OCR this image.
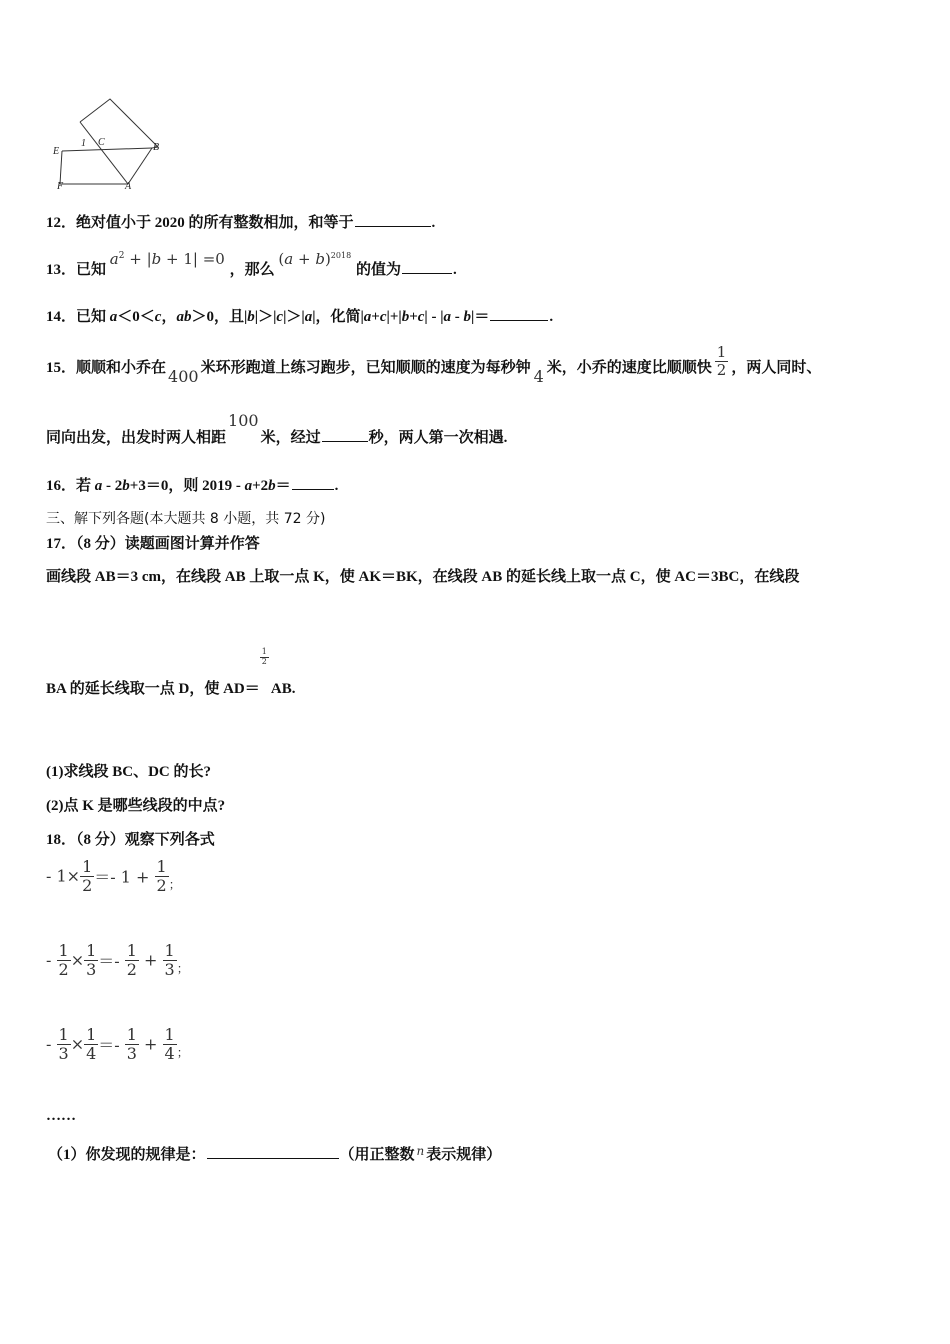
E
1 C	B
F	A
12．绝对值小于 2020 的所有整数相加，和等于	.
13．已知 $a^2 + |b + 1| =0$ ，那么 $(a + b)^{2018}$ 的值为	.
14．已知 a＜0＜c，ab＞0，且|b|＞|c|＞|a|，化简|a+c|+|b+c| - |a - b|＝	.
15．顺顺和小乔在 400 米环形跑道上练习跑步，已知顺顺的速度为每秒钟 4 米，小乔的速度比顺顺快 $\frac{1}{2}$ ，两人同时、
同向出发，出发时两人相距100米，经过	秒，两人第一次相遇.
16．若 a - 2b+3＝0，则 2019 - a+2b＝	.
三、解下列各题(本大题共 8 小题，共 72 分)
17．（8 分）读题画图计算并作答
画线段 AB＝3 cm，在线段 AB 上取一点 K，使 AK＝BK，在线段 AB 的延长线上取一点 C，使 AC＝3BC，在线段
BA 的延长线取一点 D，使 AD＝
$\frac{1}{2}$
AB.
(1)求线段 BC、DC 的长?
(2)点 K 是哪些线段的中点?
18．（8 分）观察下列各式
- $1\times \frac{1}{2} =- 1 + \frac{1}{2} _;$
- $\frac{1}{2} \times \frac{1}{3} =- \frac{1}{2} + \frac{1}{3} _;$
- $\frac{1}{3} \times \frac{1}{4} =- \frac{1}{3} + \frac{1}{4} _;$
……
（1）你发现的规律是：	（用正整数 $^n$ 表示规律）
